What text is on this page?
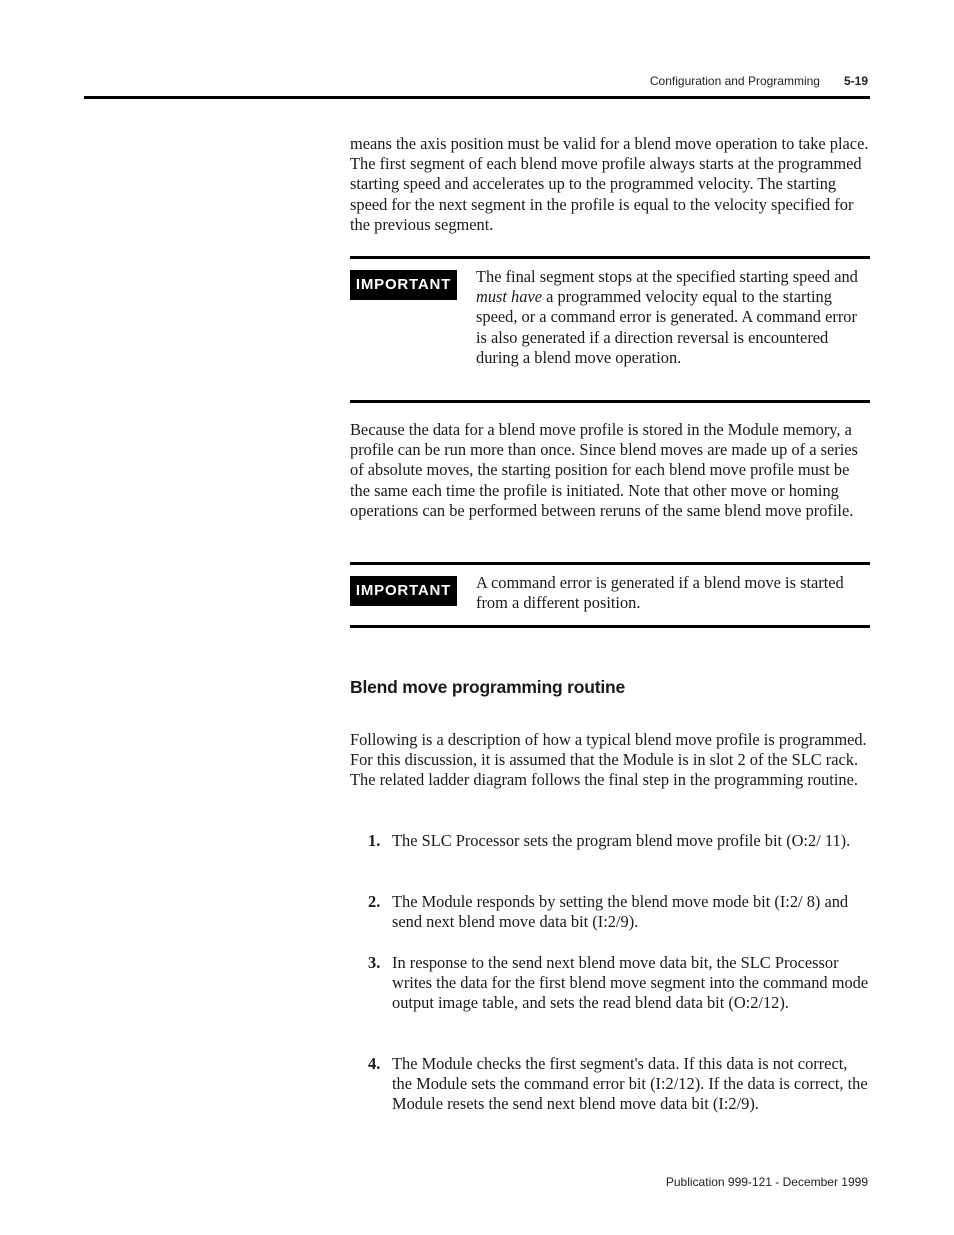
Configuration and Programming 5-19

means the axis position must be valid for a blend move operation to take place. The first segment of each blend move profile always starts at the programmed starting speed and accelerates up to the programmed velocity. The starting speed for the next segment in the profile is equal to the velocity specified for the previous segment.

IMPORTANT	The final segment stops at the specified starting speed and must have a programmed velocity equal to the starting speed, or a command error is generated. A command error is also generated if a direction reversal is encountered during a blend move operation.

Because the data for a blend move profile is stored in the Module memory, a profile can be run more than once. Since blend moves are made up of a series of absolute moves, the starting position for each blend move profile must be the same each time the profile is initiated. Note that other move or homing operations can be performed between reruns of the same blend move profile.

IMPORTANT	A command error is generated if a blend move is started from a different position.
Blend move programming routine

Following is a description of how a typical blend move profile is programmed. For this discussion, it is assumed that the Module is in slot 2 of the SLC rack. The related ladder diagram follows the final step in the programming routine.

1. The SLC Processor sets the program blend move profile bit (O:2/ 11).
2. The Module responds by setting the blend move mode bit (I:2/ 8) and send next blend move data bit (I:2/9).
3. In response to the send next blend move data bit, the SLC Processor writes the data for the first blend move segment into the command mode output image table, and sets the read blend data bit (O:2/12).
4. The Module checks the first segment's data. If this data is not correct, the Module sets the command error bit (I:2/12). If the data is correct, the Module resets the send next blend move data bit (I:2/9).
Publication 999-121 - December 1999
